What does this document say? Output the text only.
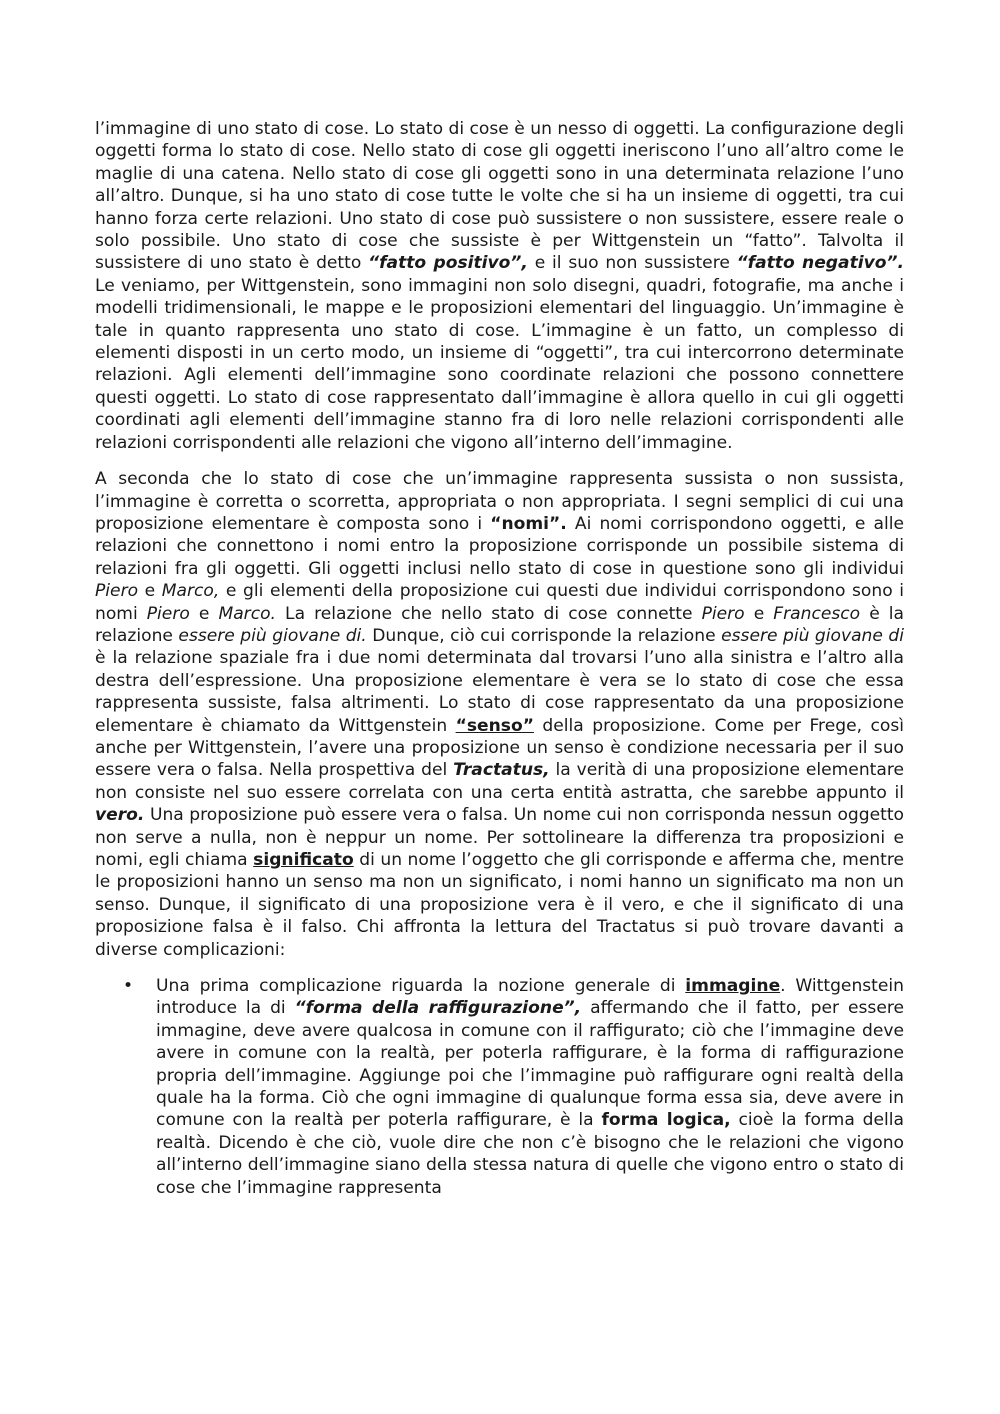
l’immagine di uno stato di cose. Lo stato di cose è un nesso di oggetti. La configurazione degli oggetti forma lo stato di cose. Nello stato di cose gli oggetti ineriscono l’uno all’altro come le maglie di una catena. Nello stato di cose gli oggetti sono in una determinata relazione l’uno all’altro. Dunque, si ha uno stato di cose tutte le volte che si ha un insieme di oggetti, tra cui hanno forza certe relazioni. Uno stato di cose può sussistere o non sussistere, essere reale o solo possibile. Uno stato di cose che sussiste è per Wittgenstein un “fatto”. Talvolta il sussistere di uno stato è detto “fatto positivo”, e il suo non sussistere “fatto negativo”. Le veniamo, per Wittgenstein, sono immagini non solo disegni, quadri, fotografie, ma anche i modelli tridimensionali, le mappe e le proposizioni elementari del linguaggio. Un’immagine è tale in quanto rappresenta uno stato di cose. L’immagine è un fatto, un complesso di elementi disposti in un certo modo, un insieme di “oggetti”, tra cui intercorrono determinate relazioni. Agli elementi dell’immagine sono coordinate relazioni che possono connettere questi oggetti. Lo stato di cose rappresentato dall’immagine è allora quello in cui gli oggetti coordinati agli elementi dell’immagine stanno fra di loro nelle relazioni corrispondenti alle relazioni corrispondenti alle relazioni che vigono all’interno dell’immagine.

A seconda che lo stato di cose che un’immagine rappresenta sussista o non sussista, l’immagine è corretta o scorretta, appropriata o non appropriata. I segni semplici di cui una proposizione elementare è composta sono i “nomi”. Ai nomi corrispondono oggetti, e alle relazioni che connettono i nomi entro la proposizione corrisponde un possibile sistema di relazioni fra gli oggetti. Gli oggetti inclusi nello stato di cose in questione sono gli individui Piero e Marco, e gli elementi della proposizione cui questi due individui corrispondono sono i nomi Piero e Marco. La relazione che nello stato di cose connette Piero e Francesco è la relazione essere più giovane di. Dunque, ciò cui corrisponde la relazione essere più giovane di è la relazione spaziale fra i due nomi determinata dal trovarsi l’uno alla sinistra e l’altro alla destra dell’espressione. Una proposizione elementare è vera se lo stato di cose che essa rappresenta sussiste, falsa altrimenti. Lo stato di cose rappresentato da una proposizione elementare è chiamato da Wittgenstein “senso” della proposizione. Come per Frege, così anche per Wittgenstein, l’avere una proposizione un senso è condizione necessaria per il suo essere vera o falsa. Nella prospettiva del Tractatus, la verità di una proposizione elementare non consiste nel suo essere correlata con una certa entità astratta, che sarebbe appunto il vero. Una proposizione può essere vera o falsa. Un nome cui non corrisponda nessun oggetto non serve a nulla, non è neppur un nome. Per sottolineare la differenza tra proposizioni e nomi, egli chiama significato di un nome l’oggetto che gli corrisponde e afferma che, mentre le proposizioni hanno un senso ma non un significato, i nomi hanno un significato ma non un senso. Dunque, il significato di una proposizione vera è il vero, e che il significato di una proposizione falsa è il falso. Chi affronta la lettura del Tractatus si può trovare davanti a diverse complicazioni:

• Una prima complicazione riguarda la nozione generale di immagine. Wittgenstein introduce la di “forma della raffigurazione”, affermando che il fatto, per essere immagine, deve avere qualcosa in comune con il raffigurato; ciò che l’immagine deve avere in comune con la realtà, per poterla raffigurare, è la forma di raffigurazione propria dell’immagine. Aggiunge poi che l’immagine può raffigurare ogni realtà della quale ha la forma. Ciò che ogni immagine di qualunque forma essa sia, deve avere in comune con la realtà per poterla raffigurare, è la forma logica, cioè la forma della realtà. Dicendo è che ciò, vuole dire che non c’è bisogno che le relazioni che vigono all’interno dell’immagine siano della stessa natura di quelle che vigono entro o stato di cose che l’immagine rappresenta
